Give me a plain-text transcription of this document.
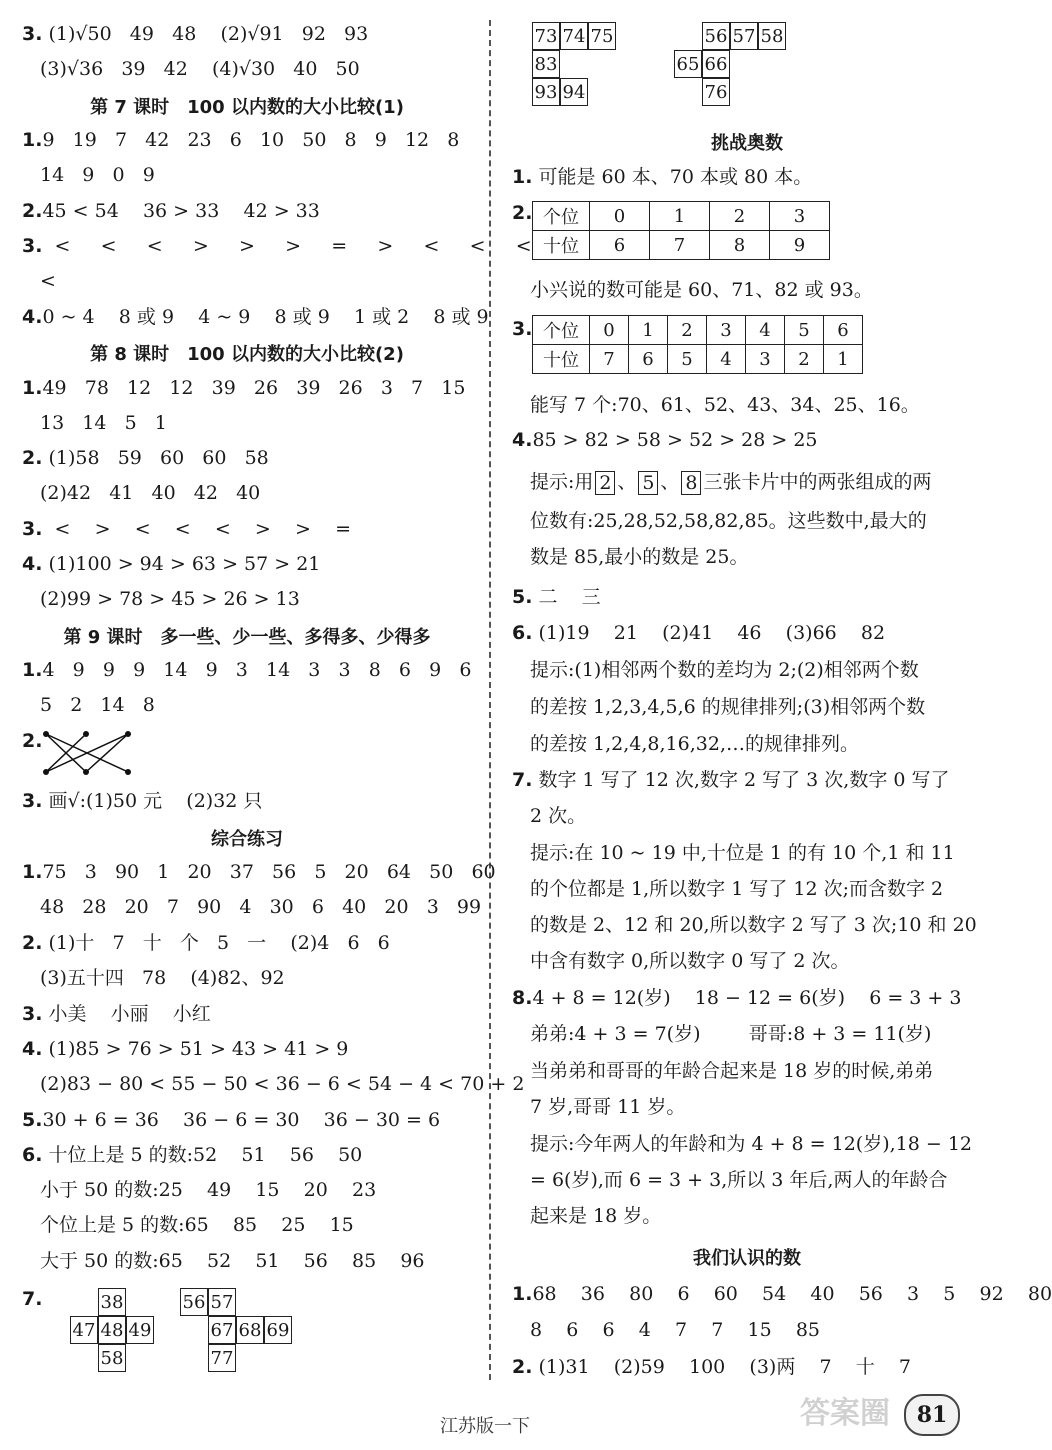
3. (1)√50   49   48    (2)√91   92   93
(3)√36   39   42    (4)√30   40   50
第 7 课时　100 以内数的大小比较(1)
1.9   19   7   42   23   6   10   50   8   9   12   8
14   9   0   9
2.45 < 54    36 > 33    42 > 33
3.  <     <     <     >     >     >     =     >     <     <     <
<
4.0 ~ 4    8 或 9    4 ~ 9    8 或 9    1 或 2    8 或 9
第 8 课时　100 以内数的大小比较(2)
1.49   78   12   12   39   26   39   26   3   7   15
13   14   5   1
2. (1)58   59   60   60   58
(2)42   41   40   42   40
3.  <    >    <    <    <    >    >    =
4. (1)100 > 94 > 63 > 57 > 21
(2)99 > 78 > 45 > 26 > 13
第 9 课时　多一些、少一些、多得多、少得多
1.4   9   9   9   14   9   3   14   3   3   8   6   9   6
5   2   14   8
2.
3. 画√:(1)50 元    (2)32 只
综合练习
1.75   3   90   1   20   37   56   5   20   64   50   60
48   28   20   7   90   4   30   6   40   20   3   99
2. (1)十   7   十   个   5   一    (2)4   6   6
(3)五十四   78    (4)82、92
3. 小美    小丽    小红
4. (1)85 > 76 > 51 > 43 > 41 > 9
(2)83 − 80 < 55 − 50 < 36 − 6 < 54 − 4 < 70 + 2
5.30 + 6 = 36    36 − 6 = 30    36 − 30 = 6
6. 十位上是 5 的数:52    51    56    50
小于 50 的数:25    49    15    20    23
个位上是 5 的数:65    85    25    15
大于 50 的数:65    52    51    56    85    96
7.	38
47 48 49
58
56 57
67 68 69
77
挑战奥数
1. 可能是 60 本、70 本或 80 本。
2.
小兴说的数可能是 60、71、82 或 93。
3.
能写 7 个:70、61、52、43、34、25、16。
4.85 > 82 > 58 > 52 > 28 > 25
位数有:25,28,52,58,82,85。这些数中,最大的
数是 85,最小的数是 25。
5. 二    三
6. (1)19    21    (2)41    46    (3)66    82
提示:(1)相邻两个数的差均为 2;(2)相邻两个数
的差按 1,2,3,4,5,6 的规律排列;(3)相邻两个数
的差按 1,2,4,8,16,32,…的规律排列。
7. 数字 1 写了 12 次,数字 2 写了 3 次,数字 0 写了
2 次。
提示:在 10 ~ 19 中,十位是 1 的有 10 个,1 和 11
的个位都是 1,所以数字 1 写了 12 次;而含数字 2
的数是 2、12 和 20,所以数字 2 写了 3 次;10 和 20
中含有数字 0,所以数字 0 写了 2 次。
8.4 + 8 = 12(岁)    18 − 12 = 6(岁)    6 = 3 + 3
弟弟:4 + 3 = 7(岁)        哥哥:8 + 3 = 11(岁)
当弟弟和哥哥的年龄合起来是 18 岁的时候,弟弟
7 岁,哥哥 11 岁。
提示:今年两人的年龄和为 4 + 8 = 12(岁),18 − 12
= 6(岁),而 6 = 3 + 3,所以 3 年后,两人的年龄合
起来是 18 岁。
我们认识的数
1.68    36    80    6    60    54    40    56    3    5    92    80
8    6    6    4    7    7    15    85
2. (1)31    (2)59    100    (3)两    7    十    7
73 74 75
83
93 94
56 57 58
65 66
76
个位	0	1	2	3
十位	6	7	8	9
个位	0	1	2	3	4	5	6
十位	7	6	5	4	3	2	1
提示:用 2 、 5 、 8 三张卡片中的两张组成的两
江苏版一下	答案圈	81
